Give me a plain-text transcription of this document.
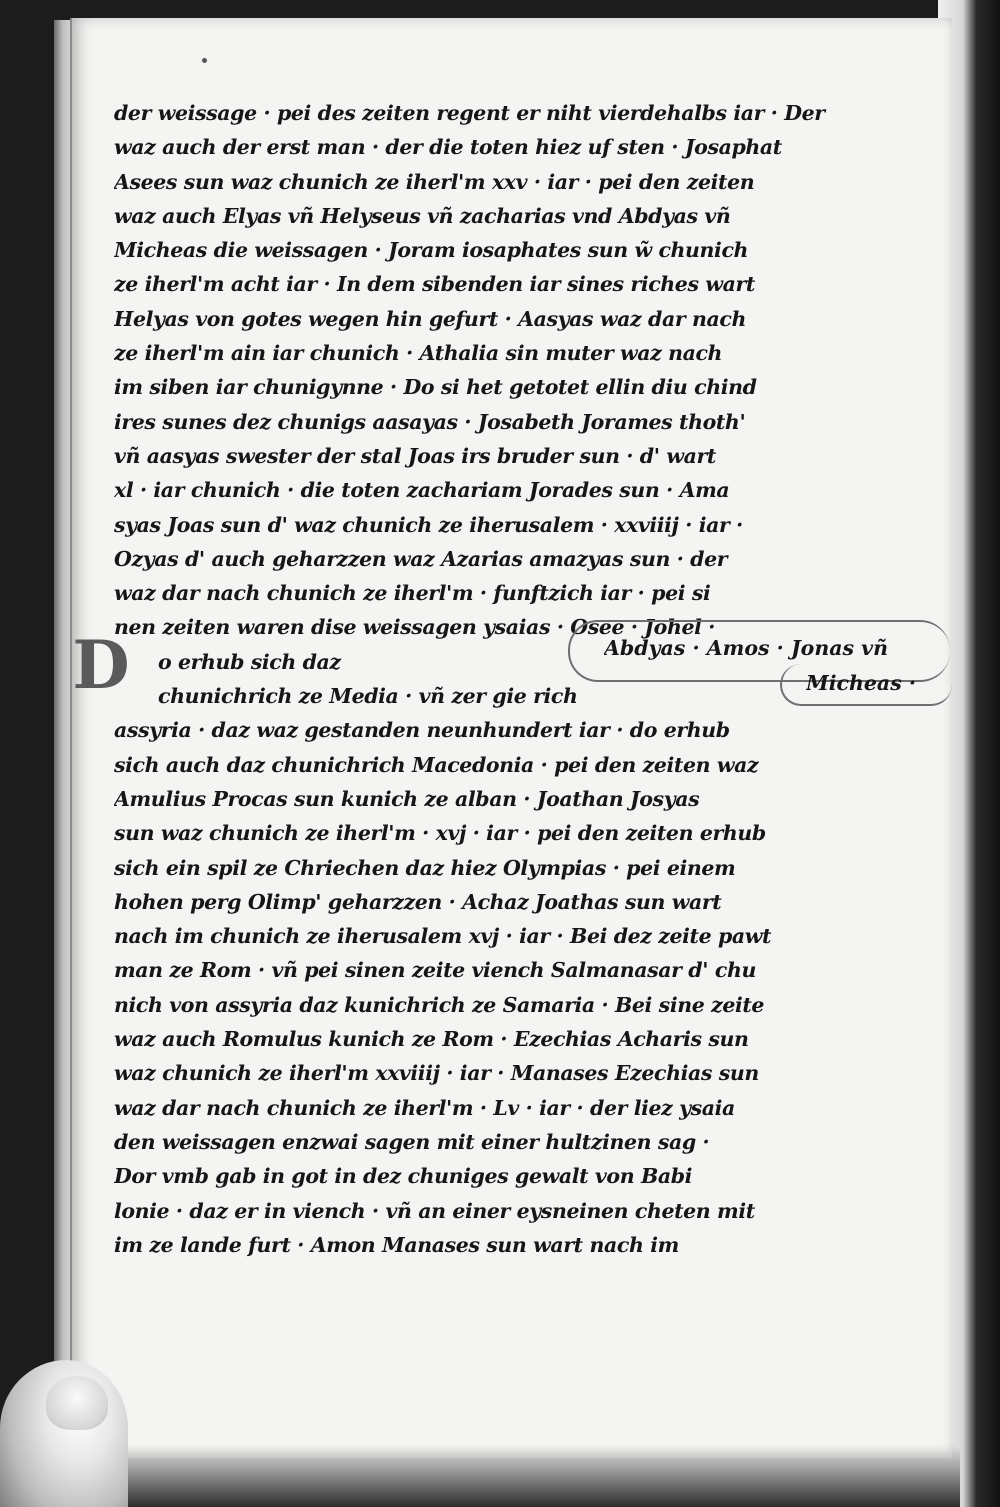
der weissage · pei des zeiten regent er niht vierdehalbs iar · Der
waz auch der erst man · der die toten hiez uf sten · Josaphat
Asees sun waz chunich ze iherl'm xxv · iar · pei den zeiten
waz auch Elyas vñ Helyseus vñ zacharias vnd Abdyas vñ
Micheas die weissagen · Joram iosaphates sun w̃ chunich
ze iherl'm acht iar · In dem sibenden iar sines riches wart
Helyas von gotes wegen hin gefurt · Aasyas waz dar nach
ze iherl'm ain iar chunich · Athalia sin muter waz nach
im siben iar chunigynne · Do si het getotet ellin diu chind
ires sunes dez chunigs aasayas · Josabeth Jorames thoth'
vñ aasyas swester der stal Joas irs bruder sun · d' wart
xl · iar chunich · die toten zachariam Jorades sun · Ama
syas Joas sun d' waz chunich ze iherusalem · xxviiij · iar ·
Ozyas d' auch geharzzen waz Azarias amazyas sun · der
waz dar nach chunich ze iherl'm · funftzich iar · pei si
nen zeiten waren dise weissagen ysaias · Osee · Johel ·
o erhub sich daz
chunichrich ze Media · vñ zer gie rich
assyria · daz waz gestanden neunhundert iar · do erhub
sich auch daz chunichrich Macedonia · pei den zeiten waz
Amulius Procas sun kunich ze alban · Joathan Josyas
sun waz chunich ze iherl'm · xvj · iar · pei den zeiten erhub
sich ein spil ze Chriechen daz hiez Olympias · pei einem
hohen perg Olimp' geharzzen · Achaz Joathas sun wart
nach im chunich ze iherusalem xvj · iar · Bei dez zeite pawt
man ze Rom · vñ pei sinen zeite viench Salmanasar d' chu
nich von assyria daz kunichrich ze Samaria · Bei sine zeite
waz auch Romulus kunich ze Rom · Ezechias Acharis sun
waz chunich ze iherl'm xxviiij · iar · Manases Ezechias sun
waz dar nach chunich ze iherl'm · Lv · iar · der liez ysaia
den weissagen enzwai sagen mit einer hultzinen sag ·
Dor vmb gab in got in dez chuniges gewalt von Babi
lonie · daz er in viench · vñ an einer eysneinen cheten mit
im ze lande furt · Amon Manases sun wart nach im
D	Abdyas · Amos · Jonas vñ
Micheas ·
